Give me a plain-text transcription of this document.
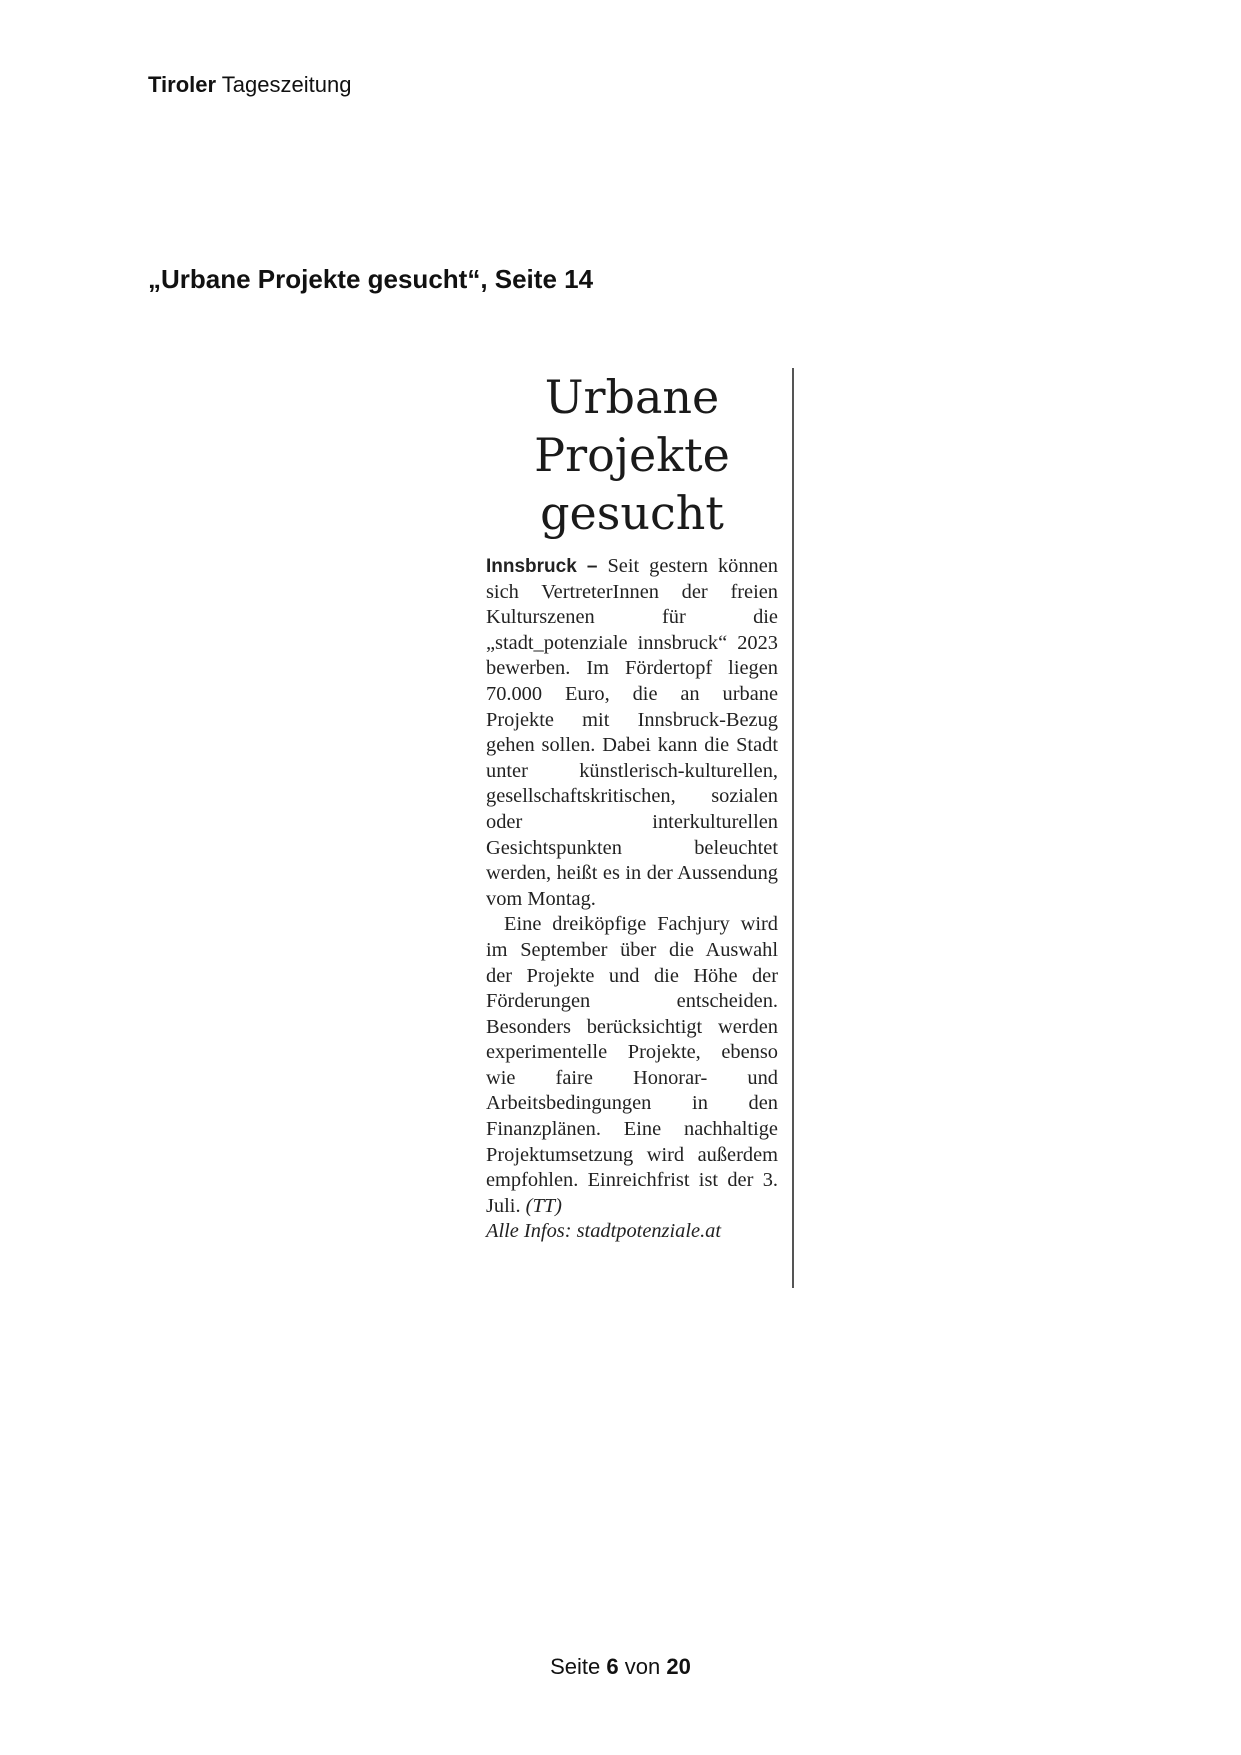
Tiroler Tageszeitung
„Urbane Projekte gesucht“, Seite 14
Urbane
Projekte
gesucht

Innsbruck – Seit gestern können sich VertreterInnen der freien Kulturszenen für die „stadt_potenziale innsbruck“ 2023 bewerben. Im Fördertopf liegen 70.000 Euro, die an urbane Projekte mit Innsbruck-Bezug gehen sollen. Dabei kann die Stadt unter künstlerisch-kulturellen, gesellschaftskritischen, sozialen oder interkulturellen Gesichtspunkten beleuchtet werden, heißt es in der Aussendung vom Montag.

Eine dreiköpfige Fachjury wird im September über die Auswahl der Projekte und die Höhe der Förderungen entscheiden. Besonders berücksichtigt werden experimentelle Projekte, ebenso wie faire Honorar- und Arbeitsbedingungen in den Finanzplänen. Eine nachhaltige Projektumsetzung wird außerdem empfohlen. Einreichfrist ist der 3. Juli. (TT)

Alle Infos: stadtpotenziale.at
Seite 6 von 20
